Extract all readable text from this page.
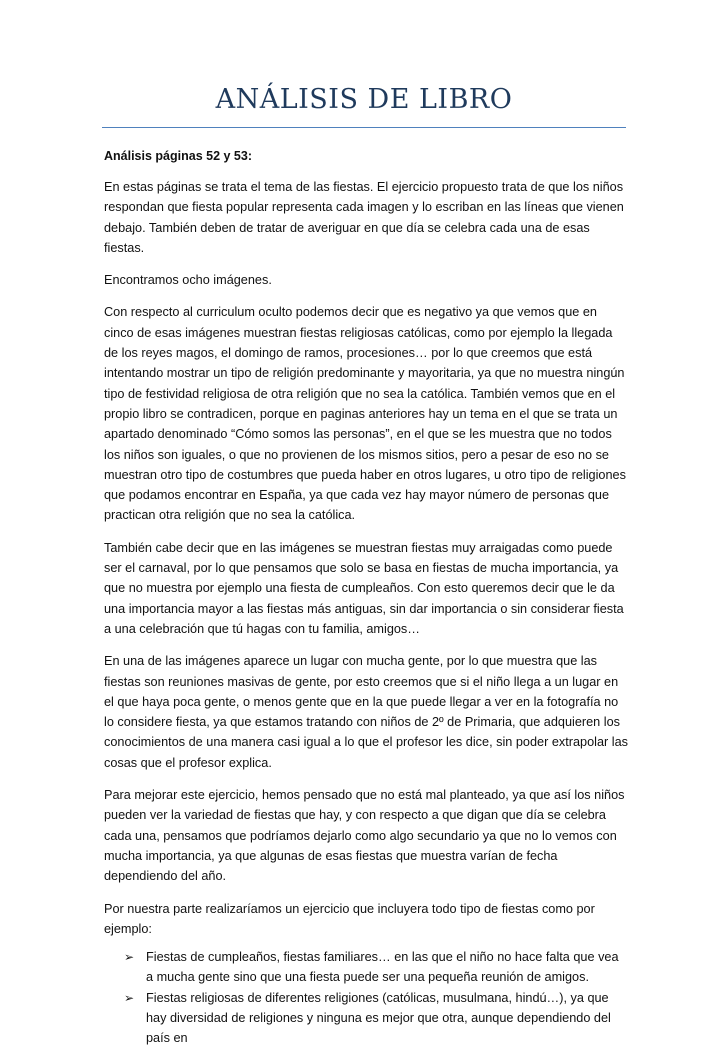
ANÁLISIS DE LIBRO
Análisis páginas 52 y 53:

En estas páginas se trata el tema de las fiestas. El ejercicio propuesto trata de que los niños respondan que fiesta popular representa cada imagen y lo escriban en las líneas que vienen debajo. También deben de tratar de averiguar en que día se celebra cada una de esas fiestas.

Encontramos ocho imágenes.

Con respecto al curriculum oculto podemos decir que es negativo ya que vemos que en cinco de esas imágenes muestran fiestas religiosas católicas, como por ejemplo la llegada de los reyes magos, el domingo de ramos, procesiones… por lo que creemos que está intentando mostrar un tipo de religión predominante y mayoritaria, ya que no muestra ningún tipo de festividad religiosa de otra religión que no sea la católica. También vemos que en el propio libro se contradicen, porque en paginas anteriores hay un tema en el que se trata un apartado denominado “Cómo somos las personas”, en el que se les muestra que no todos los niños son iguales, o que no provienen de los mismos sitios, pero a pesar de eso no se muestran otro tipo de costumbres que pueda haber en otros lugares, u otro tipo de religiones que podamos encontrar en España, ya que cada vez hay mayor número de personas que practican otra religión que no sea la católica.

También cabe decir que en las imágenes se muestran fiestas muy arraigadas como puede ser el carnaval, por lo que pensamos que solo se basa en fiestas de mucha importancia, ya que no muestra por ejemplo una fiesta de cumpleaños. Con esto queremos decir que le da una importancia mayor a las fiestas más antiguas, sin dar importancia o sin considerar fiesta a una celebración que tú hagas con tu familia, amigos…

En una de las imágenes aparece un lugar con mucha gente, por lo que muestra que las fiestas son reuniones masivas de gente, por esto creemos que si el niño llega a un lugar en el que haya poca gente, o menos gente que en la que puede llegar a ver en la fotografía no lo considere fiesta, ya que estamos tratando con niños de 2º de Primaria, que adquieren los conocimientos de una manera casi igual a lo que el profesor les dice, sin poder extrapolar las cosas que el profesor explica.

Para mejorar este ejercicio, hemos pensado que no está mal planteado, ya que así los niños pueden ver la variedad de fiestas que hay, y con respecto a que digan que día se celebra cada una, pensamos que podríamos dejarlo como algo secundario ya que no lo vemos con mucha importancia, ya que algunas de esas fiestas que muestra varían de fecha dependiendo del año.

Por nuestra parte realizaríamos un ejercicio que incluyera todo tipo de fiestas como por ejemplo:

➢ Fiestas de cumpleaños, fiestas familiares… en las que el niño no hace falta que vea a mucha gente sino que una fiesta puede ser una pequeña reunión de amigos.
➢ Fiestas religiosas de diferentes religiones (católicas, musulmana, hindú…), ya que hay diversidad de religiones y ninguna es mejor que otra, aunque dependiendo del país en
